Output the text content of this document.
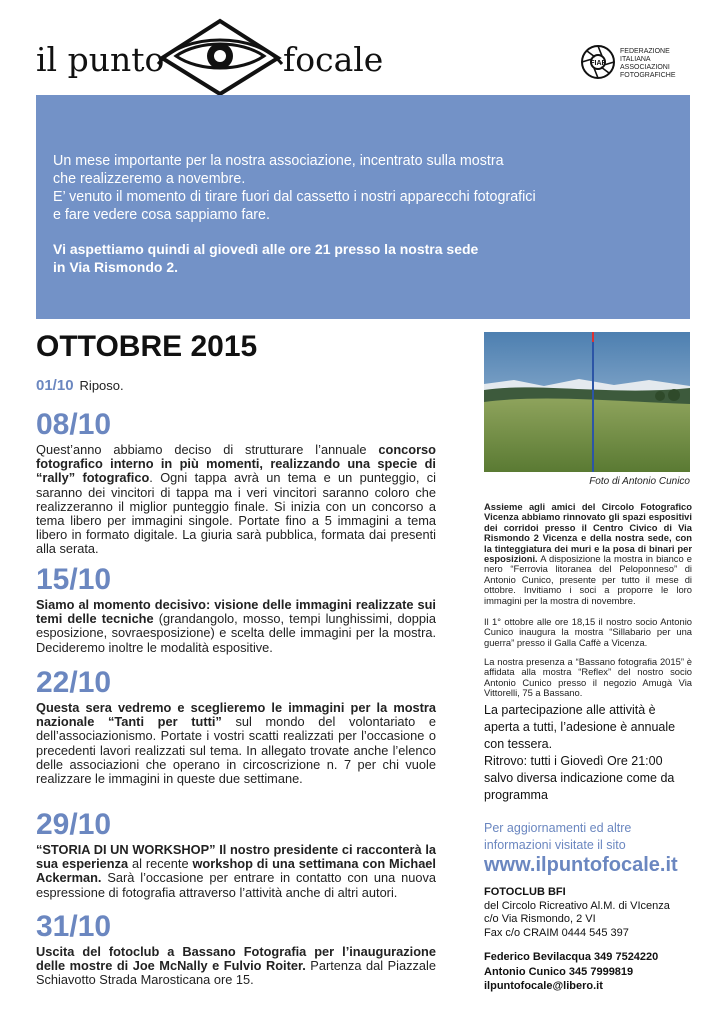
il punto	focale	FIAF
FEDERAZIONE
ITALIANA
ASSOCIAZIONI
FOTOGRAFICHE
Un mese importante per la nostra associazione, incentrato sulla mostra
che realizzeremo a novembre.
E’ venuto il momento di tirare fuori dal cassetto i nostri apparecchi fotografici
e fare vedere cosa sappiamo fare.
Vi aspettiamo quindi al giovedì alle ore 21 presso la nostra sede
in Via Rismondo 2.
OTTOBRE 2015
01/10 Riposo.
08/10
Quest’anno abbiamo deciso di strutturare l’annuale concorso fotografico interno in più momenti, realizzando una specie di “rally” fotografico. Ogni tappa avrà un tema e un punteggio, ci saranno dei vincitori di tappa ma i veri vincitori saranno coloro che realizzeranno il miglior punteggio finale. Si inizia con un concorso a tema libero per immagini singole. Portate fino a 5 immagini a tema libero in formato digitale. La giuria sarà pubblica, formata dai presenti alla serata.
15/10
Siamo al momento decisivo: visione delle immagini realizzate sui temi delle tecniche (grandangolo, mosso, tempi lunghissimi, doppia esposizione, sovraesposizione) e scelta delle immagini per la mostra. Decideremo inoltre le modalità espositive.
22/10
Questa sera vedremo e sceglieremo le immagini per la mostra nazionale “Tanti per tutti” sul mondo del volontariato e dell’associazionismo. Portate i vostri scatti realizzati per l’occasione o precedenti lavori realizzati sul tema. In allegato trovate anche l’elenco delle associazioni che operano in circoscrizione n. 7 per chi vuole realizzare le immagini in queste due settimane.
29/10
“STORIA DI UN WORKSHOP” Il nostro presidente ci racconterà la sua esperienza al recente workshop di una settimana con Michael Ackerman. Sarà l’occasione per entrare in contatto con una nuova espressione di fotografia attraverso l’attività anche di altri autori.
31/10
Uscita del fotoclub a Bassano Fotografia per l’inaugurazione delle mostre di Joe McNally e Fulvio Roiter. Partenza dal Piazzale Schiavotto Strada Marosticana ore 15.
Foto di Antonio Cunico
Assieme agli amici del Circolo Fotografico Vicenza abbiamo rinnovato gli spazi espositivi dei corridoi presso il Centro Civico di Via Rismondo 2 Vicenza e della nostra sede, con la tinteggiatura dei muri e la posa di binari per esposizioni. A disposizione la mostra in bianco e nero “Ferrovia litoranea del Peloponneso” di Antonio Cunico, presente per tutto il mese di ottobre. Invitiamo i soci a proporre le loro immagini per la mostra di novembre.
Il 1° ottobre alle ore 18,15 il nostro socio Antonio Cunico inaugura la mostra “Sillabario per una guerra” presso il Galla Caffè a Vicenza.
La nostra presenza a “Bassano fotografia 2015” è affidata alla mostra “Reflex” del nostro socio Antonio Cunico presso il negozio Amugà Via Vittorelli, 75 a Bassano.
La partecipazione alle attività è aperta a tutti, l’adesione è annuale con tessera.
Ritrovo: tutti i Giovedì Ore 21:00 salvo diversa indicazione come da programma
Per aggiornamenti ed altre informazioni visitate il sito
www.ilpuntofocale.it
FOTOCLUB BFI
del Circolo Ricreativo Al.M. di VIcenza
c/o Via Rismondo, 2 VI
Fax c/o CRAIM 0444 545 397
Federico Bevilacqua 349 7524220
Antonio Cunico 345 7999819
ilpuntofocale@libero.it
